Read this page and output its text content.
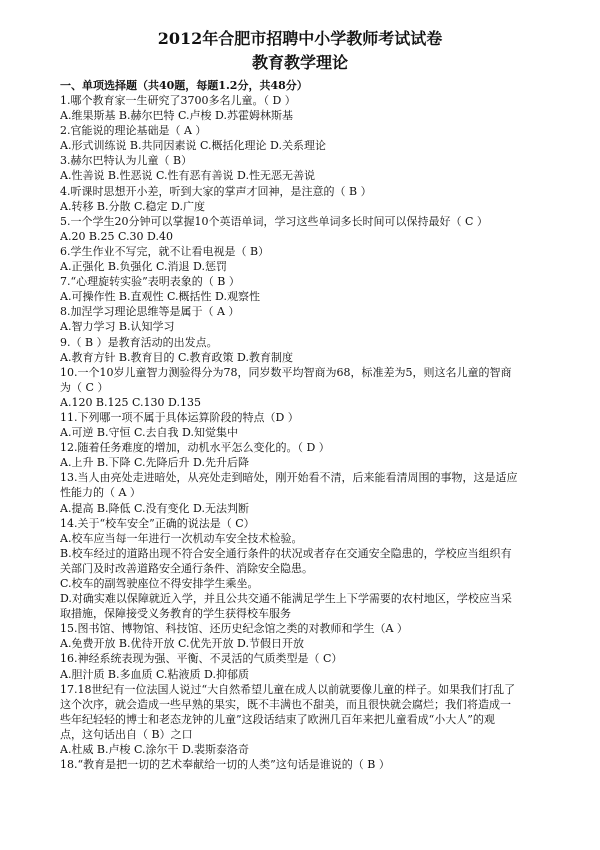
2012年合肥市招聘中小学教师考试试卷
教育教学理论

一、单项选择题（共40题，每题1.2分，共48分）

1.哪个教育家一生研究了3700多名儿童。（ D ）

A.维果斯基 B.赫尔巴特 C.卢梭 D.苏霍姆林斯基

2.官能说的理论基础是（ A ）

A.形式训练说 B.共同因素说 C.概括化理论 D.关系理论

3.赫尔巴特认为儿童（ B）

A.性善说 B.性恶说 C.性有恶有善说 D.性无恶无善说

4.听课时思想开小差，听到大家的掌声才回神，是注意的（ B ）

A.转移 B.分散 C.稳定 D.广度

5.一个学生20分钟可以掌握10个英语单词，学习这些单词多长时间可以保持最好（ C ）

A.20 B.25 C.30 D.40

6.学生作业不写完，就不让看电视是（ B）

A.正强化 B.负强化 C.消退 D.惩罚

7.“心理旋转实验”表明表象的（ B ）

A.可操作性 B.直观性 C.概括性 D.观察性

8.加涅学习理论思维等是属于（ A ）

A.智力学习 B.认知学习

9.（ B ）是教育活动的出发点。

A.教育方针 B.教育目的 C.教育政策 D.教育制度

10.一个10岁儿童智力测验得分为78，同岁数平均智商为68，标准差为5，则这名儿童的智商

为（ C ）

A.120 B.125 C.130 D.135

11.下列哪一项不属于具体运算阶段的特点（D ）

A.可逆 B.守恒 C.去自我 D.知觉集中

12.随着任务难度的增加，动机水平怎么变化的。（ D ）

A.上升 B.下降 C.先降后升 D.先升后降

13.当人由亮处走进暗处，从亮处走到暗处，刚开始看不清，后来能看清周围的事物，这是适应

性能力的（ A ）

A.提高 B.降低 C.没有变化 D.无法判断

14.关于“校车安全”正确的说法是（ C）

A.校车应当每一年进行一次机动车安全技术检验。

B.校车经过的道路出现不符合安全通行条件的状况或者存在交通安全隐患的，学校应当组织有

关部门及时改善道路安全通行条件、消除安全隐患。

C.校车的副驾驶座位不得安排学生乘坐。

D.对确实难以保障就近入学，并且公共交通不能满足学生上下学需要的农村地区，学校应当采

取措施，保障接受义务教育的学生获得校车服务

15.图书馆、博物馆、科技馆、还历史纪念馆之类的对教师和学生（A ）

A.免费开放 B.优待开放 C.优先开放 D.节假日开放

16.神经系统表现为强、平衡、不灵活的气质类型是（ C）

A.胆汁质 B.多血质 C.粘液质 D.抑郁质

17.18世纪有一位法国人说过“大自然希望儿童在成人以前就要像儿童的样子。如果我们打乱了

这个次序，就会造成一些早熟的果实，既不丰满也不甜美，而且很快就会腐烂；我们将造成一

些年纪轻轻的博士和老态龙钟的儿童”这段话结束了欧洲几百年来把儿童看成“小大人”的观

点，这句话出自（ B）之口

A.杜威 B.卢梭 C.涂尔干 D.裴斯泰洛奇

18.“教育是把一切的艺术奉献给一切的人类”这句话是谁说的（ B ）
